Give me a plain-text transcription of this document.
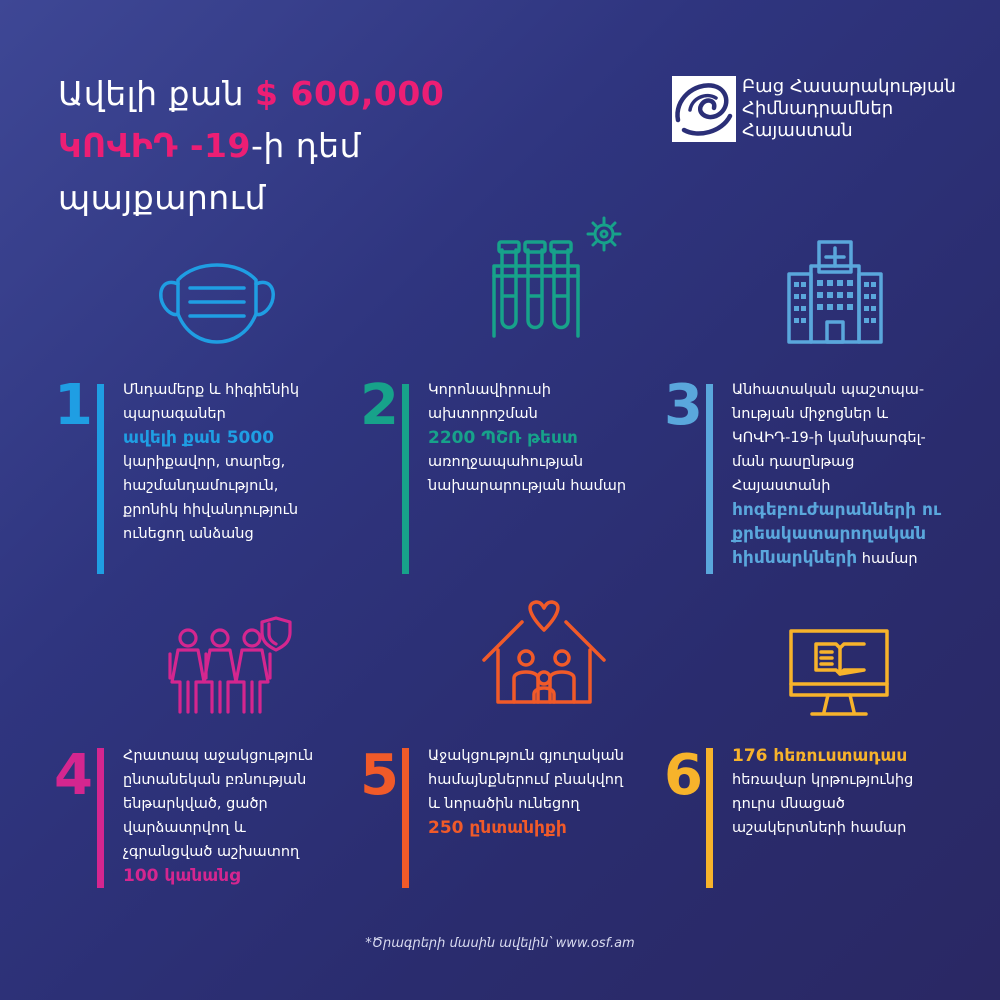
Ավելի քան $ 600,000
ԿՈՎԻԴ -19-ի դեմ
պայքարում
Բաց Հասարակության
Հիմնադրամներ
Հայաստան
1 Մնդամերք և հիգիենիկ
պարագաներ
ավելի քան 5000
կարիքավոր, տարեց,
հաշմանդամություն,
քրոնիկ հիվանդություն
ունեցող անձանց
2 Կորոնավիրուսի
ախտորոշման
2200 ՊՇՌ թեստ
առողջապահության
նախարարության համար
3 Անհատական պաշտպա-
նության միջոցներ և
ԿՈՎԻԴ-19-ի կանխարգել-
ման դասընթաց
Հայաստանի
հոգեբուժարանների ու
քրեակատարողական
հիմնարկների համար
4 Հրատապ աջակցություն
ընտանեկան բռնության
ենթարկված, ցածր
վարձատրվող և
չգրանցված աշխատող
100 կանանց
5 Աջակցություն գյուղական
համայնքներում բնակվող
և նորածին ունեցող
250 ընտանիքի
6 176 հեռուստադաս
հեռավար կրթությունից
դուրս մնացած
աշակերտների համար
*Ծրագրերի մասին ավելին՝ www.osf.am
